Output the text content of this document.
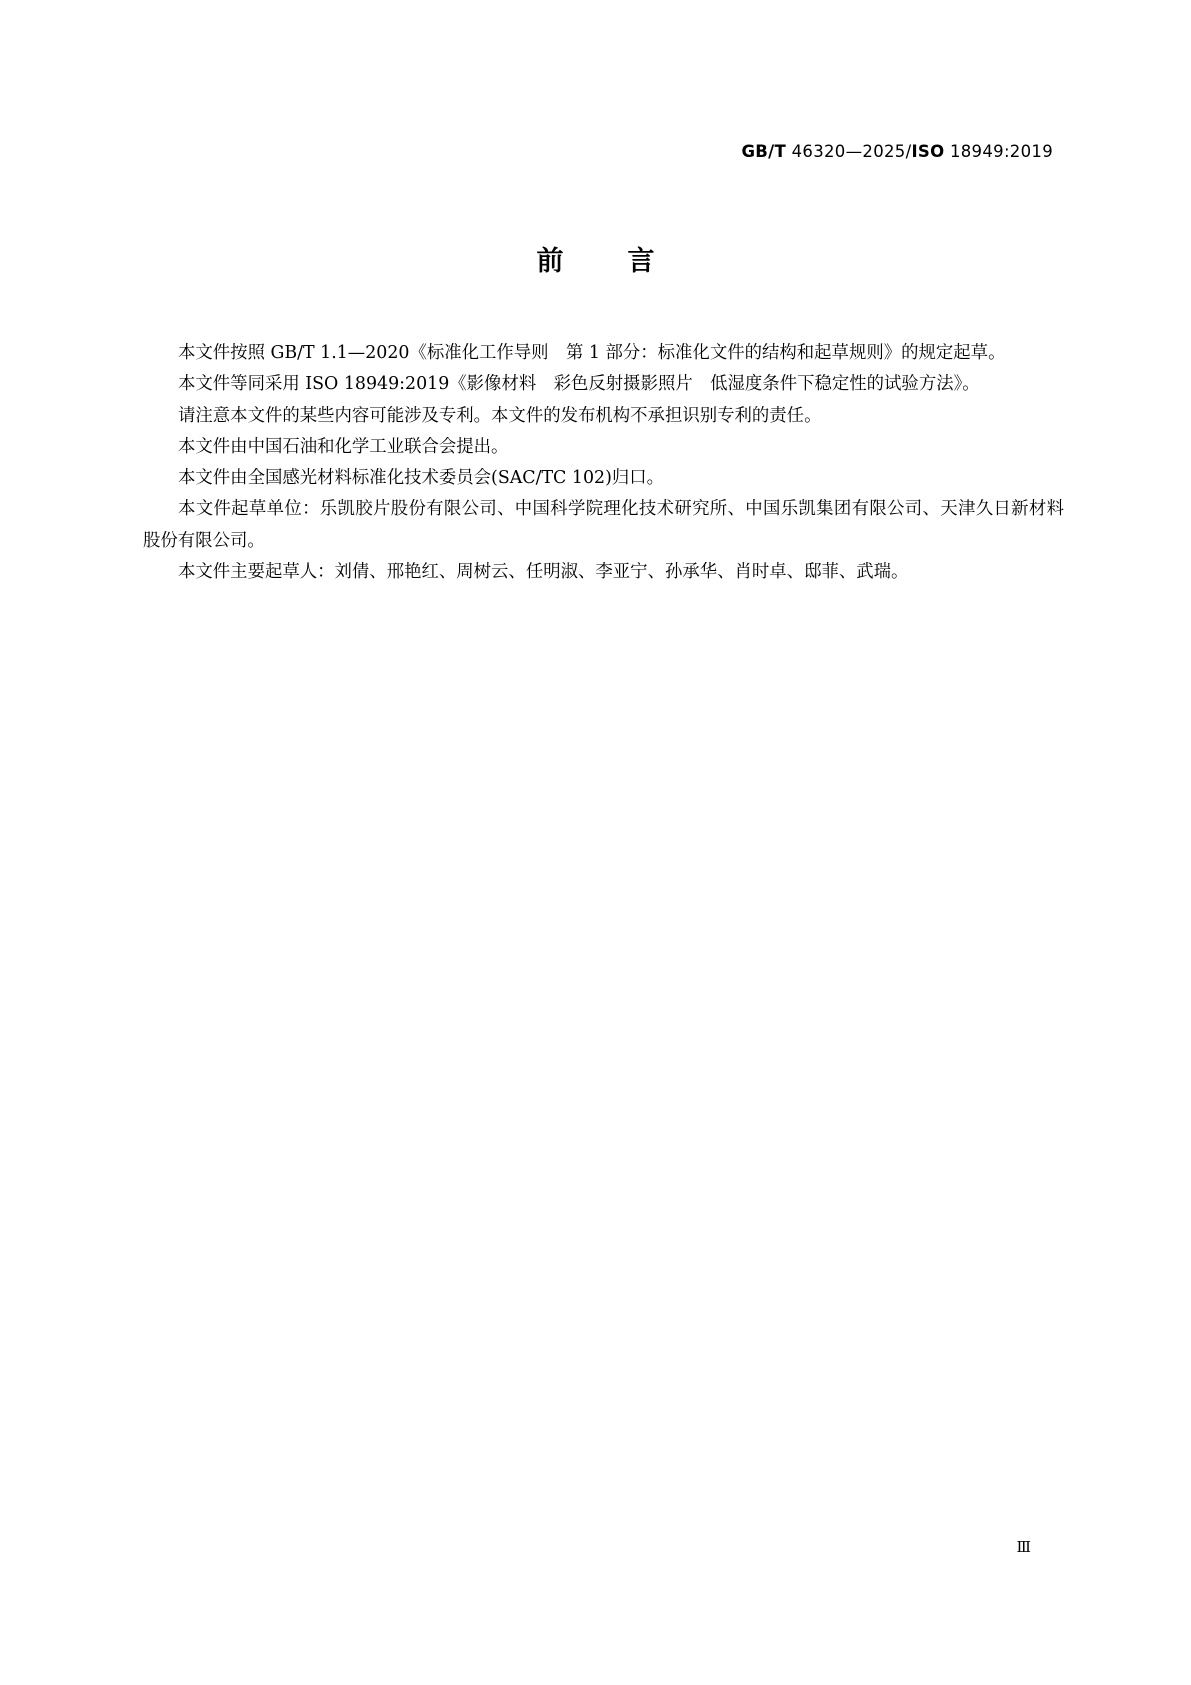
GB/T 46320—2025/ISO 18949:2019
前言

本文件按照 GB/T 1.1—2020《标准化工作导则　第 1 部分：标准化文件的结构和起草规则》的规定起草。

本文件等同采用 ISO 18949:2019《影像材料　彩色反射摄影照片　低湿度条件下稳定性的试验方法》。

请注意本文件的某些内容可能涉及专利。本文件的发布机构不承担识别专利的责任。

本文件由中国石油和化学工业联合会提出。

本文件由全国感光材料标准化技术委员会(SAC/TC 102)归口。

本文件起草单位：乐凯胶片股份有限公司、中国科学院理化技术研究所、中国乐凯集团有限公司、天津久日新材料股份有限公司。

本文件主要起草人：刘倩、邢艳红、周树云、任明淑、李亚宁、孙承华、肖时卓、邸菲、武瑞。

Ⅲ
